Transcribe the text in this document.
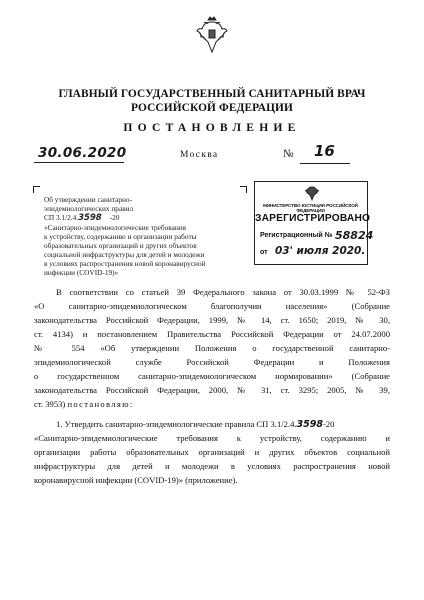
ГЛАВНЫЙ ГОСУДАРСТВЕННЫЙ САНИТАРНЫЙ ВРАЧ
РОССИЙСКОЙ ФЕДЕРАЦИИ
ПОСТАНОВЛЕНИЕ
30.06.2020	Москва	№ 16
Об утверждении санитарно-
эпидемиологических правил
СП 3.1/2.4.3598 -20
«Санитарно-эпидемиологические требования
к устройству, содержанию и организации работы
образовательных организаций и других объектов
социальной инфраструктуры для детей и молодежи
в условиях распространения новой коронавирусной
инфекции (COVID-19)»
МИНИСТЕРСТВО ЮСТИЦИИ РОССИЙСКОЙ ФЕДЕРАЦИИ
ЗАРЕГИСТРИРОВАНО
Регистрационный № 58824
от 03' июля 2020.
В соответствии со статьей 39 Федерального закона от 30.03.1999 № 52-ФЗ
«О санитарно-эпидемиологическом благополучии населения» (Собрание
законодательства Российской Федерации, 1999, № 14, ст. 1650; 2019, № 30,
ст. 4134) и постановлением Правительства Российской Федерации от 24.07.2000
№ 554 «Об утверждении Положения о государственной санитарно-
эпидемиологической службе Российской Федерации и Положения
о государственном санитарно-эпидемиологическом нормировании» (Собрание
законодательства Российской Федерации, 2000, № 31, ст. 3295; 2005, № 39,
ст. 3953) постановляю:
1. Утвердить санитарно-эпидемиологические правила СП 3.1/2.4.3598-20
«Санитарно-эпидемиологические требования к устройству, содержанию и
организации работы образовательных организаций и других объектов социальной
инфраструктуры для детей и молодежи в условиях распространения новой
коронавирусной инфекции (COVID-19)» (приложение).
